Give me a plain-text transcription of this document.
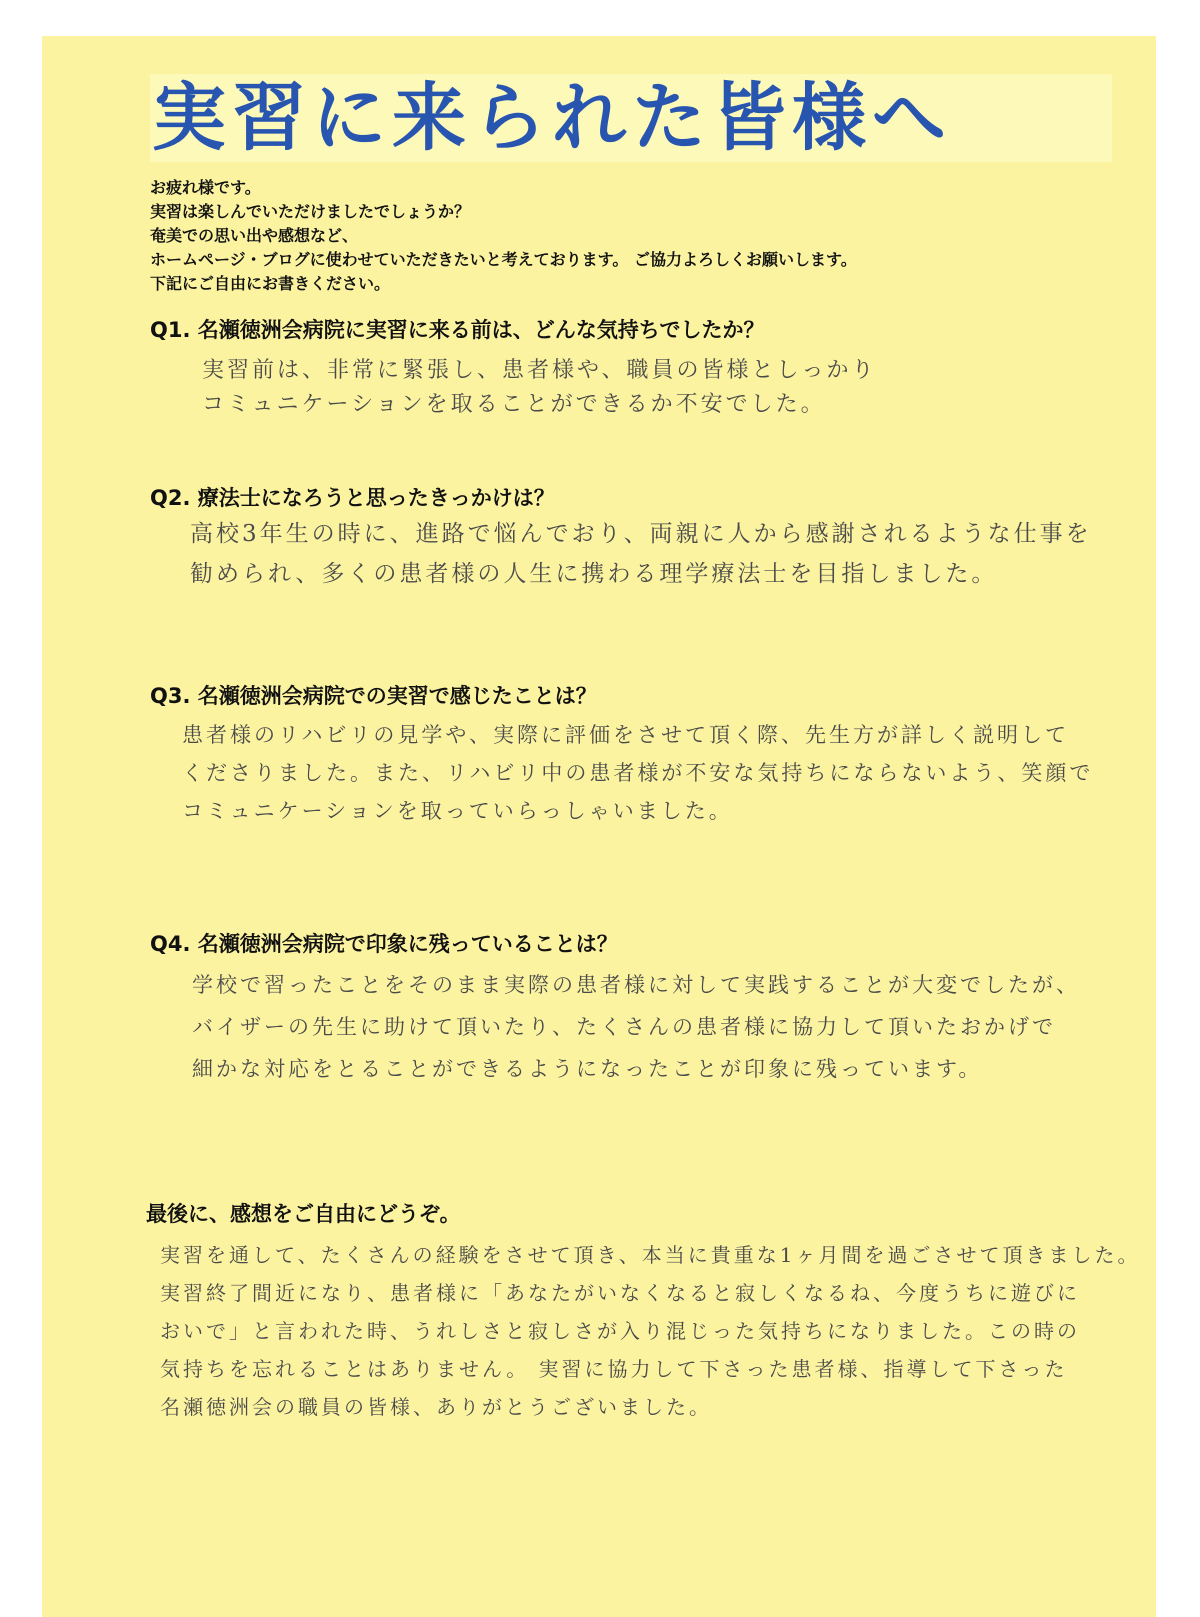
実習に来られた皆様へ
お疲れ様です。
実習は楽しんでいただけましたでしょうか？
奄美での思い出や感想など、
ホームページ・ブログに使わせていただきたいと考えております。 ご協力よろしくお願いします。
下記にご自由にお書きください。
Q1. 名瀬徳洲会病院に実習に来る前は、どんな気持ちでしたか？
実習前は、非常に緊張し、患者様や、職員の皆様としっかり
コミュニケーションを取ることができるか不安でした。
Q2. 療法士になろうと思ったきっかけは？
高校3年生の時に、進路で悩んでおり、両親に人から感謝されるような仕事を
勧められ、多くの患者様の人生に携わる理学療法士を目指しました。
Q3. 名瀬徳洲会病院での実習で感じたことは？
患者様のリハビリの見学や、実際に評価をさせて頂く際、先生方が詳しく説明して
くださりました。また、リハビリ中の患者様が不安な気持ちにならないよう、笑顔で
コミュニケーションを取っていらっしゃいました。
Q4. 名瀬徳洲会病院で印象に残っていることは？
学校で習ったことをそのまま実際の患者様に対して実践することが大変でしたが、
バイザーの先生に助けて頂いたり、たくさんの患者様に協力して頂いたおかげで
細かな対応をとることができるようになったことが印象に残っています。
最後に、感想をご自由にどうぞ。
実習を通して、たくさんの経験をさせて頂き、本当に貴重な1ヶ月間を過ごさせて頂きました。
実習終了間近になり、患者様に「あなたがいなくなると寂しくなるね、今度うちに遊びに
おいで」と言われた時、うれしさと寂しさが入り混じった気持ちになりました。この時の
気持ちを忘れることはありません。 実習に協力して下さった患者様、指導して下さった
名瀬徳洲会の職員の皆様、ありがとうございました。
